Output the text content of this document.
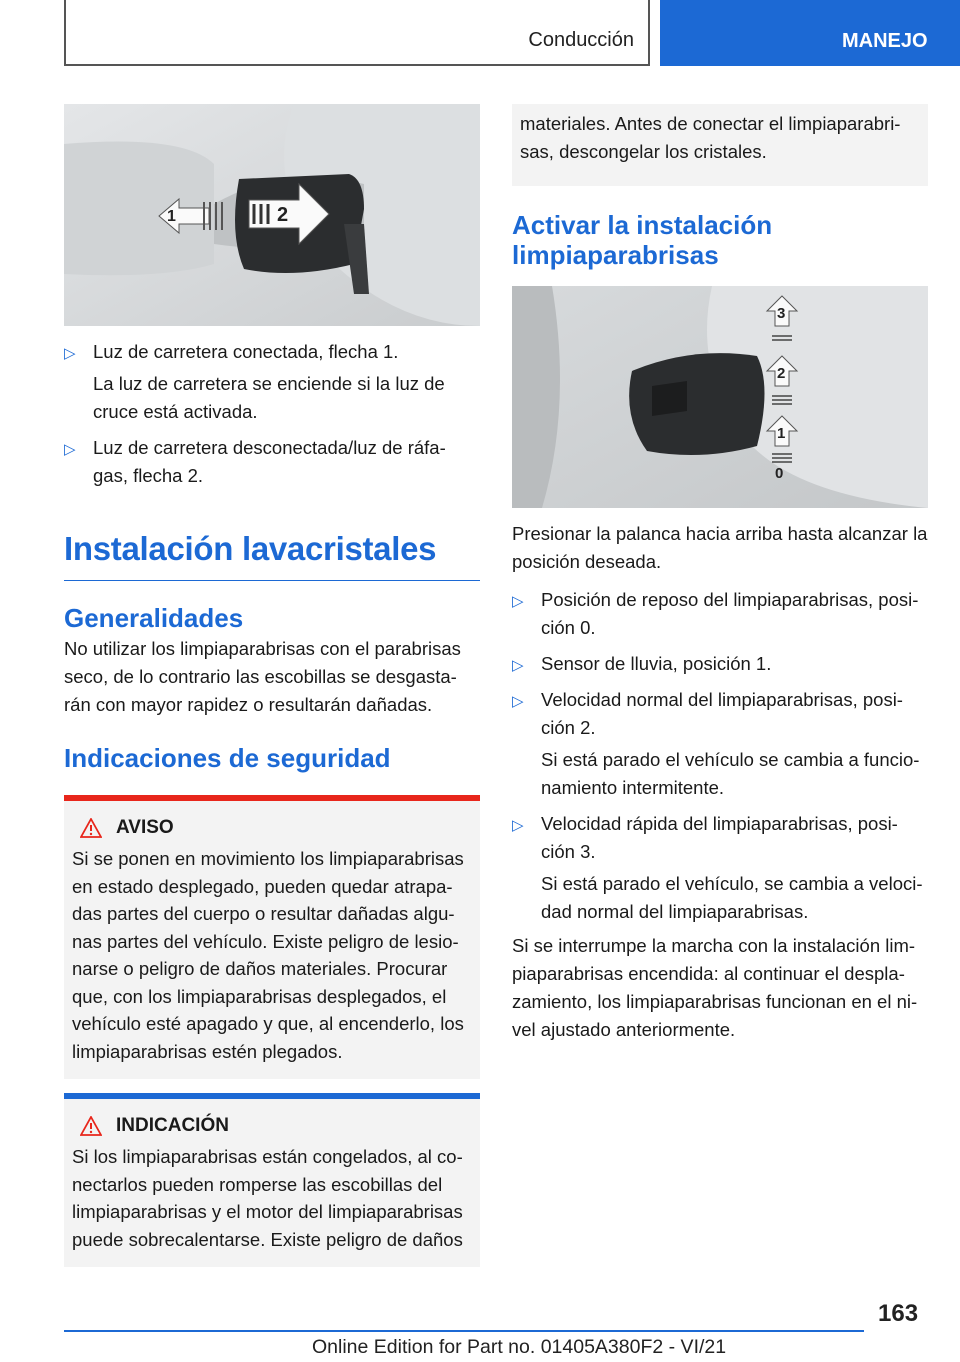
Conducción	MANEJO
1	2
▷ Luz de carretera conectada, flecha 1.
La luz de carretera se enciende si la luz de cruce está activada.
▷ Luz de carretera desconectada/luz de ráfa-gas, flecha 2.
Instalación lavacristales
Generalidades

No utilizar los limpiaparabrisas con el parabrisas seco, de lo contrario las escobillas se desgasta-rán con mayor rapidez o resultarán dañadas.

Indicaciones de seguridad
AVISO

Si se ponen en movimiento los limpiaparabrisas en estado desplegado, pueden quedar atrapa-das partes del cuerpo o resultar dañadas algu-nas partes del vehículo. Existe peligro de lesio-narse o peligro de daños materiales. Procurar que, con los limpiaparabrisas desplegados, el vehículo esté apagado y que, al encenderlo, los limpiaparabrisas estén plegados.

INDICACIÓN

Si los limpiaparabrisas están congelados, al co-nectarlos pueden romperse las escobillas del limpiaparabrisas y el motor del limpiaparabrisas puede sobrecalentarse. Existe peligro de daños

materiales. Antes de conectar el limpiaparabri-sas, descongelar los cristales.
Activar la instalación limpiaparabrisas
3
2
1
0

Presionar la palanca hacia arriba hasta alcanzar la posición deseada.

▷ Posición de reposo del limpiaparabrisas, posi-ción 0.
▷ Sensor de lluvia, posición 1.
▷ Velocidad normal del limpiaparabrisas, posi-ción 2.
Si está parado el vehículo se cambia a funcio-namiento intermitente.
▷ Velocidad rápida del limpiaparabrisas, posi-ción 3.
Si está parado el vehículo, se cambia a veloci-dad normal del limpiaparabrisas.

Si se interrumpe la marcha con la instalación lim-piaparabrisas encendida: al continuar el despla-zamiento, los limpiaparabrisas funcionan en el ni-vel ajustado anteriormente.

163
Online Edition for Part no. 01405A380F2 - VI/21
